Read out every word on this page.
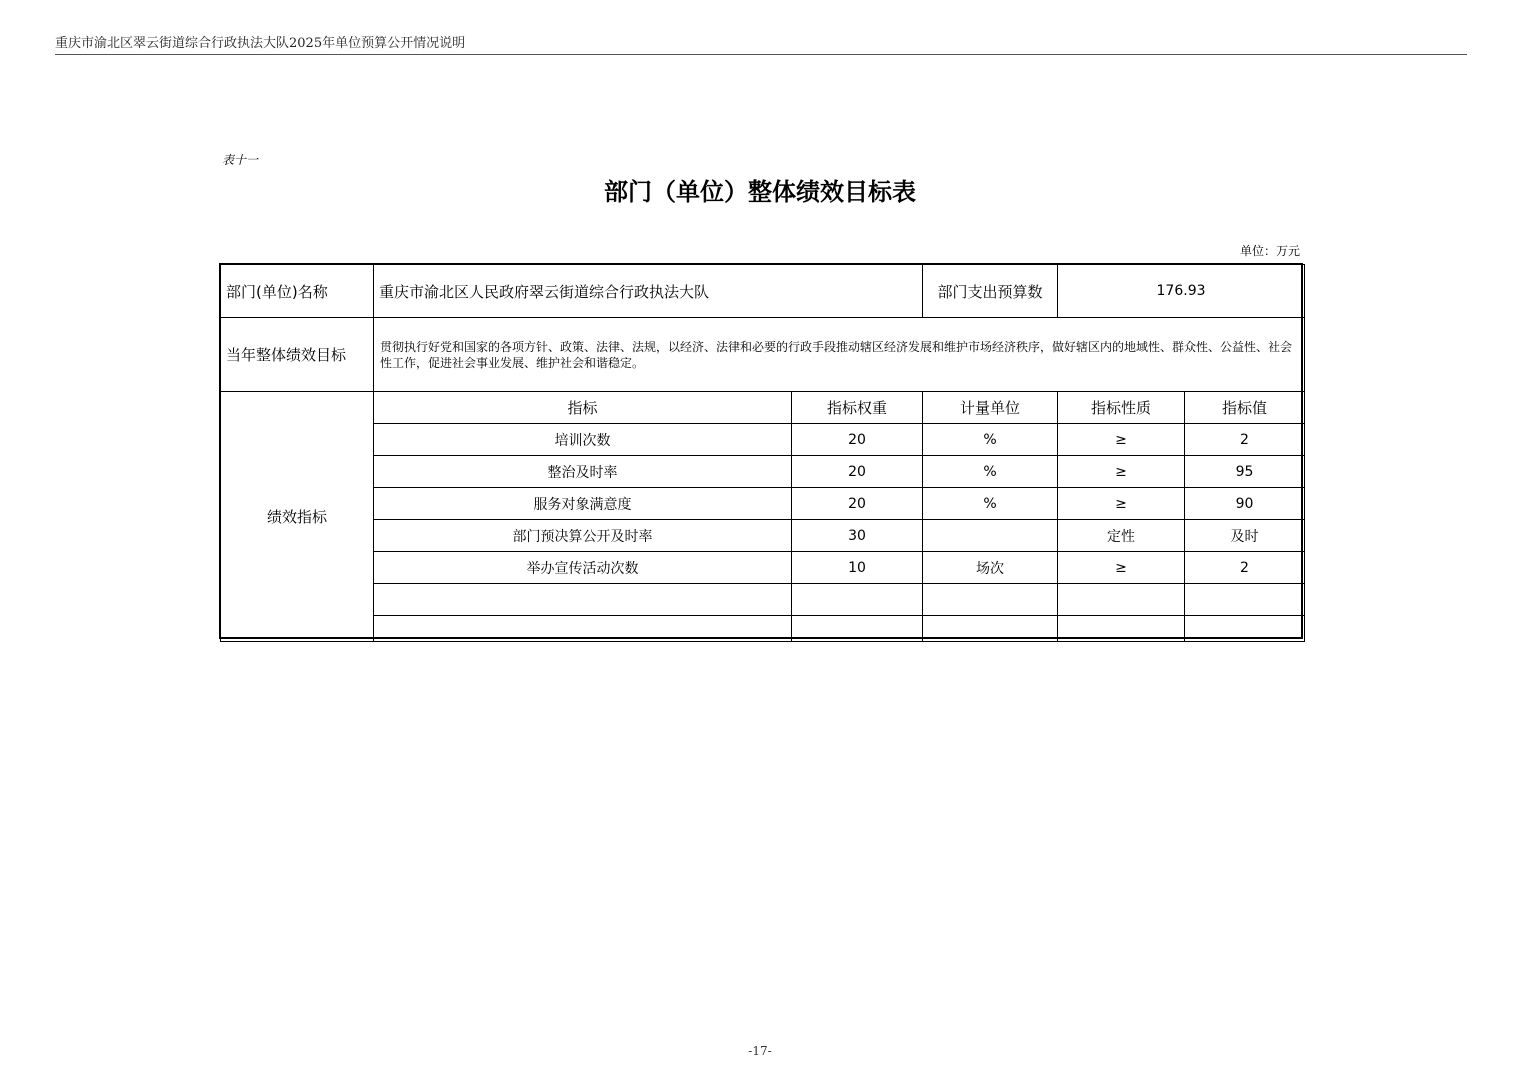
重庆市渝北区翠云街道综合行政执法大队2025年单位预算公开情况说明
表十一
部门（单位）整体绩效目标表
单位：万元
部门(单位)名称	重庆市渝北区人民政府翠云街道综合行政执法大队		部门支出预算数	176.93	
当年整体绩效目标	贯彻执行好党和国家的各项方针、政策、法律、法规，以经济、法律和必要的行政手段推动辖区经济发展和维护市场经济秩序，做好辖区内的地域性、群众性、公益性、社会性工作，促进社会事业发展、维护社会和谐稳定。				
绩效指标	指标	指标权重	计量单位	指标性质	指标值
	培训次数	20	%	≥	2
	整治及时率	20	%	≥	95
	服务对象满意度	20	%	≥	90
	部门预决算公开及时率	30		定性	及时
	举办宣传活动次数	10	场次	≥	2

-17-
